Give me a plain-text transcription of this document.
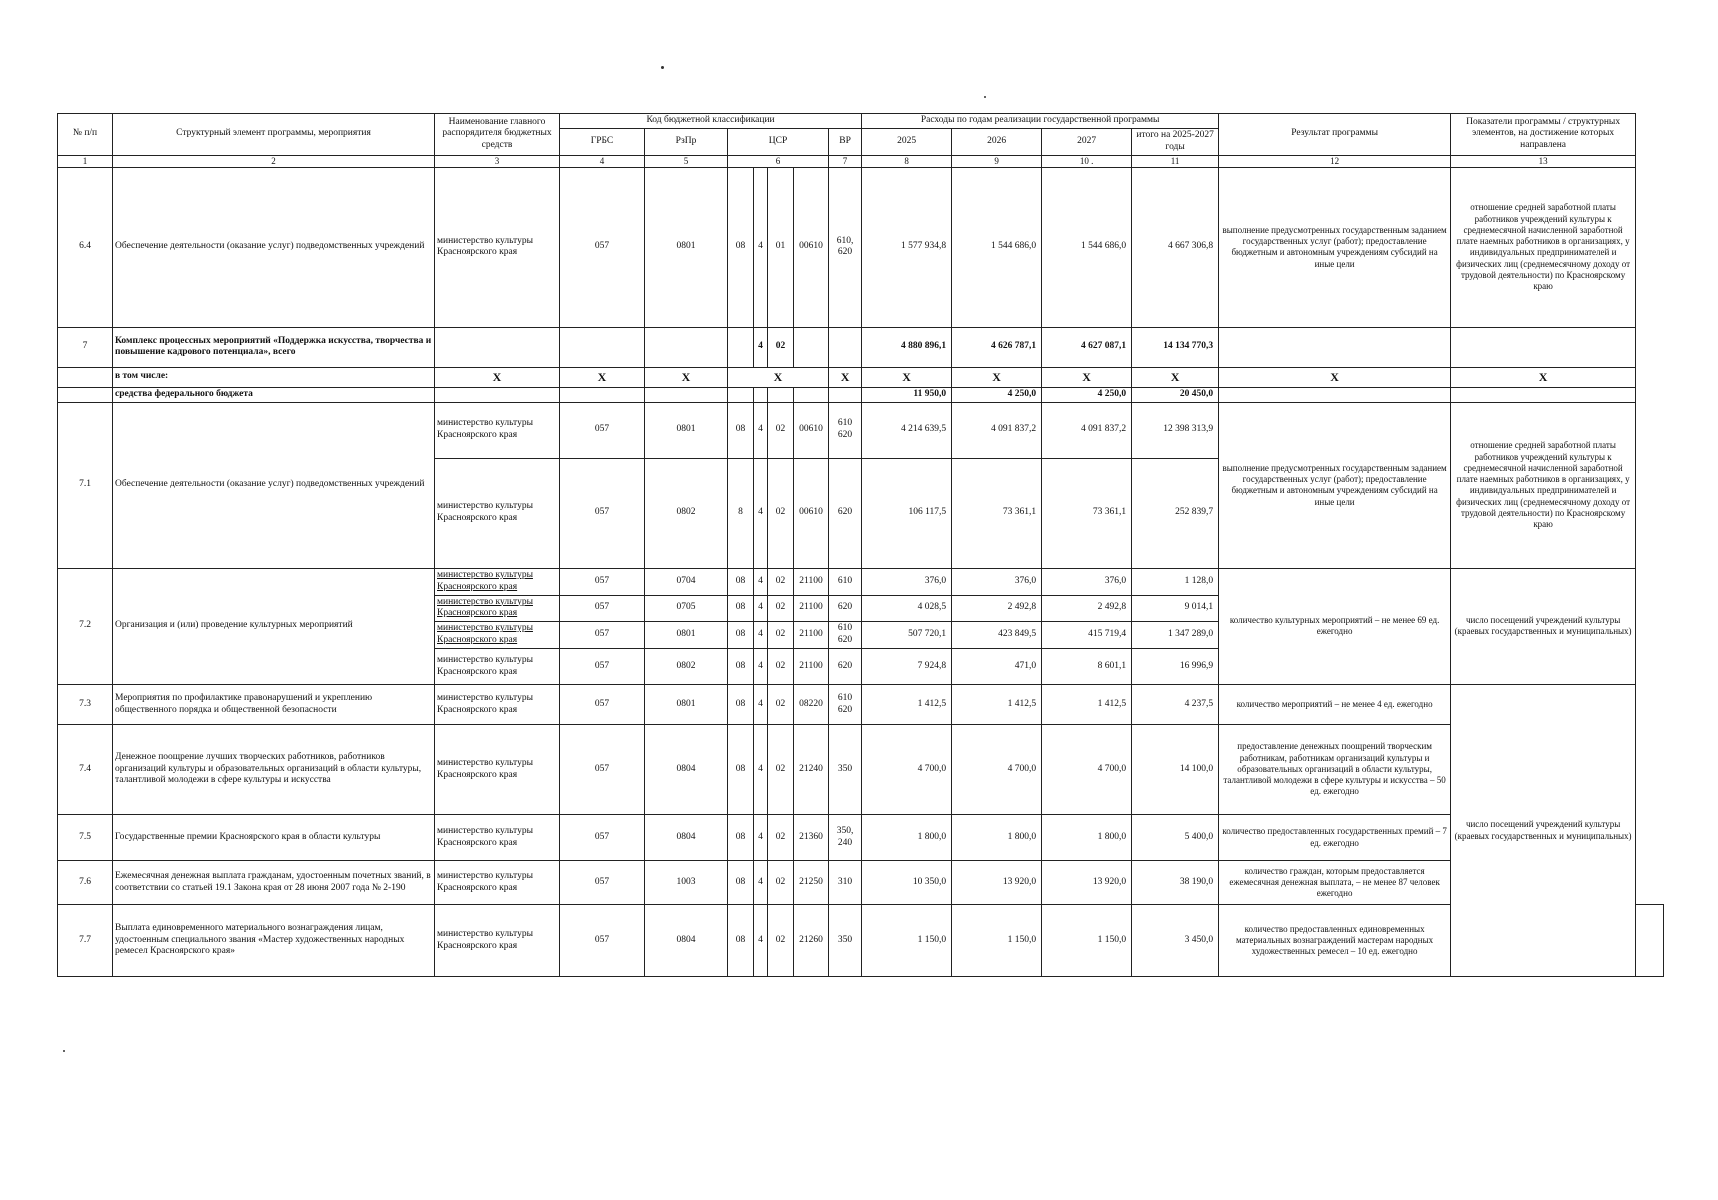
№ п/п	Структурный элемент программы, мероприятия	Наименование главного распорядителя бюджетных средств	Код бюджетной классификации							Расходы по годам реализации государственной программы				Результат программы	Показатели программы / структурных элементов, на достижение которых направлена	
			ГРБС	РзПр	ЦСР				ВР	2025	2026	2027	итого на 2025-2027 годы			
1	2	3	4	5	6				7	8	9	10 .	11	12	13	
6.4	Обеспечение деятельности (оказание услуг) подведомственных учреждений	министерство культуры Красноярского края	057	0801	08	4	01	00610	610, 620	1 577 934,8	1 544 686,0	1 544 686,0	4 667 306,8	выполнение предусмотренных государственным заданием государственных услуг (работ); предоставление бюджетным и автономным учреждениям субсидий на иные цели	отношение средней заработной платы работников учреждений культуры к среднемесячной начисленной заработной плате наемных работников в организациях, у индивидуальных предпринимателей и физических лиц (среднемесячному доходу от трудовой деятельности) по Красноярскому краю	
7	Комплекс процессных мероприятий «Поддержка искусства, творчества и повышение кадрового потенциала», всего					4	02			4 880 896,1	4 626 787,1	4 627 087,1	14 134 770,3			
	в том числе:	X	X	X	X				X	X	X	X	X	X	X	
	средства федерального бюджета									11 950,0	4 250,0	4 250,0	20 450,0			
7.1	Обеспечение деятельности (оказание услуг) подведомственных учреждений	министерство культуры Красноярского края	057	0801	08	4	02	00610	610 620	4 214 639,5	4 091 837,2	4 091 837,2	12 398 313,9	выполнение предусмотренных государственным заданием государственных услуг (работ); предоставление бюджетным и автономным учреждениям субсидий на иные цели	отношение средней заработной платы работников учреждений культуры к среднемесячной начисленной заработной плате наемных работников в организациях, у индивидуальных предпринимателей и физических лиц (среднемесячному доходу от трудовой деятельности) по Красноярскому краю	
		министерство культуры Красноярского края	057	0802	8	4	02	00610	620	106 117,5	73 361,1	73 361,1	252 839,7			
7.2	Организация и (или) проведение культурных мероприятий	министерство культуры Красноярского края	057	0704	08	4	02	21100	610	376,0	376,0	376,0	1 128,0	количество культурных мероприятий – не менее 69 ед. ежегодно	число посещений учреждений культуры (краевых государственных и муниципальных)	
		министерство культуры Красноярского края	057	0705	08	4	02	21100	620	4 028,5	2 492,8	2 492,8	9 014,1			
		министерство культуры Красноярского края	057	0801	08	4	02	21100	610 620	507 720,1	423 849,5	415 719,4	1 347 289,0			
		министерство культуры Красноярского края	057	0802	08	4	02	21100	620	7 924,8	471,0	8 601,1	16 996,9			
7.3	Мероприятия по профилактике правонарушений и укреплению общественного порядка и общественной безопасности	министерство культуры Красноярского края	057	0801	08	4	02	08220	610 620	1 412,5	1 412,5	1 412,5	4 237,5	количество мероприятий – не менее 4 ед. ежегодно	число посещений учреждений культуры (краевых государственных и муниципальных)	
7.4	Денежное поощрение лучших творческих работников, работников организаций культуры и образовательных организаций в области культуры, талантливой молодежи в сфере культуры и искусства	министерство культуры Красноярского края	057	0804	08	4	02	21240	350	4 700,0	4 700,0	4 700,0	14 100,0	предоставление денежных поощрений творческим работникам, работникам организаций культуры и образовательных организаций в области культуры, талантливой молодежи в сфере культуры и искусства – 50 ед. ежегодно		
7.5	Государственные премии Красноярского края в области культуры	министерство культуры Красноярского края	057	0804	08	4	02	21360	350, 240	1 800,0	1 800,0	1 800,0	5 400,0	количество предоставленных государственных премий – 7 ед. ежегодно		
7.6	Ежемесячная денежная выплата гражданам, удостоенным почетных званий, в соответствии со статьей 19.1 Закона края от 28 июня 2007 года № 2-190	министерство культуры Красноярского края	057	1003	08	4	02	21250	310	10 350,0	13 920,0	13 920,0	38 190,0	количество граждан, которым предоставляется ежемесячная денежная выплата, – не менее 87 человек ежегодно		
7.7	Выплата единовременного материального вознаграждения лицам, удостоенным специального звания «Мастер художественных народных ремесел Красноярского края»	министерство культуры Красноярского края	057	0804	08	4	02	21260	350	1 150,0	1 150,0	1 150,0	3 450,0	количество предоставленных единовременных материальных вознаграждений мастерам народных художественных ремесел – 10 ед. ежегодно		
